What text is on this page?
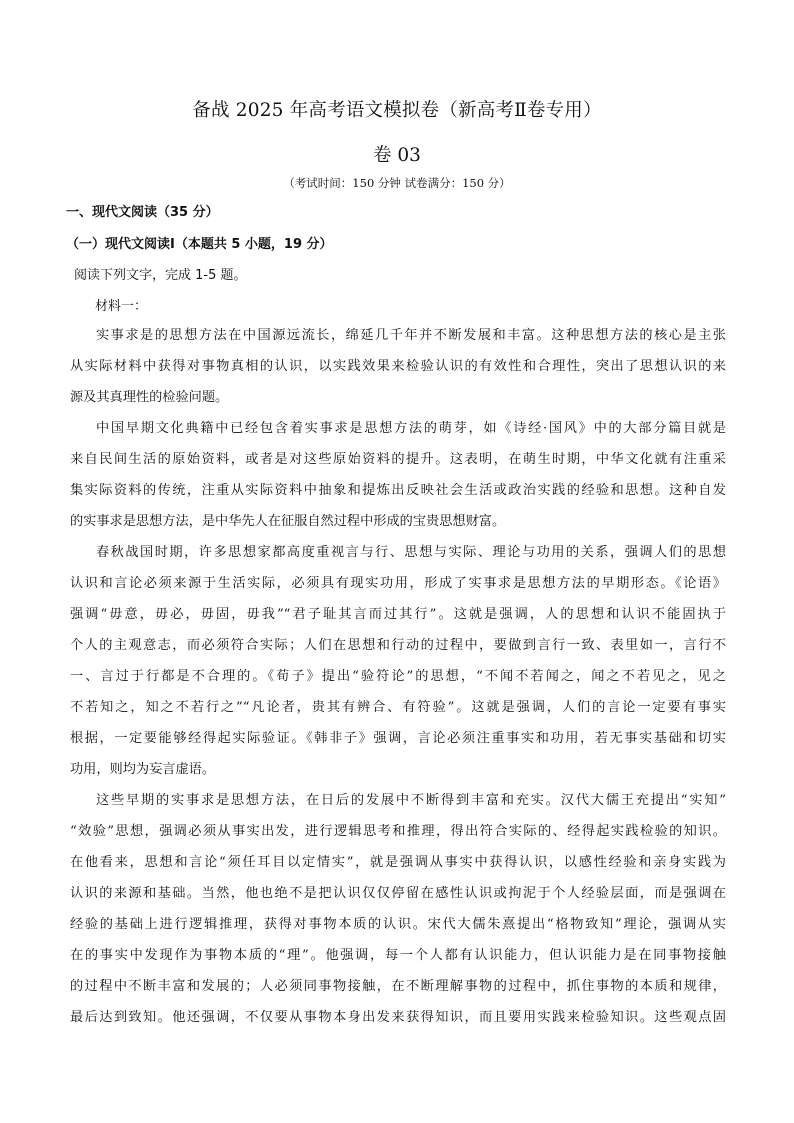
备战 2025 年高考语文模拟卷（新高考Ⅱ卷专用）
卷 03
（考试时间：150 分钟 试卷满分：150 分）
一、现代文阅读（35 分）
（一）现代文阅读Ⅰ（本题共 5 小题，19 分）
阅读下列文字，完成 1-5 题。
材料一：
实事求是的思想方法在中国源远流长，绵延几千年并不断发展和丰富。这种思想方法的核心是主张
从实际材料中获得对事物真相的认识，以实践效果来检验认识的有效性和合理性，突出了思想认识的来
源及其真理性的检验问题。
中国早期文化典籍中已经包含着实事求是思想方法的萌芽，如《诗经·国风》中的大部分篇目就是
来自民间生活的原始资料，或者是对这些原始资料的提升。这表明，在萌生时期，中华文化就有注重采
集实际资料的传统，注重从实际资料中抽象和提炼出反映社会生活或政治实践的经验和思想。这种自发
的实事求是思想方法，是中华先人在征服自然过程中形成的宝贵思想财富。
春秋战国时期，许多思想家都高度重视言与行、思想与实际、理论与功用的关系，强调人们的思想
认识和言论必须来源于生活实际，必须具有现实功用，形成了实事求是思想方法的早期形态。《论语》
强调“毋意，毋必，毋固，毋我”“君子耻其言而过其行”。这就是强调，人的思想和认识不能固执于
个人的主观意志，而必须符合实际；人们在思想和行动的过程中，要做到言行一致、表里如一，言行不
一、言过于行都是不合理的。《荀子》提出“验符论”的思想，“不闻不若闻之，闻之不若见之，见之
不若知之，知之不若行之”“凡论者，贵其有辨合、有符验”。这就是强调，人们的言论一定要有事实
根据，一定要能够经得起实际验证。《韩非子》强调，言论必须注重事实和功用，若无事实基础和切实
功用，则均为妄言虚语。
这些早期的实事求是思想方法，在日后的发展中不断得到丰富和充实。汉代大儒王充提出“实知”
“效验”思想，强调必须从事实出发，进行逻辑思考和推理，得出符合实际的、经得起实践检验的知识。
在他看来，思想和言论“须任耳目以定情实”，就是强调从事实中获得认识，以感性经验和亲身实践为
认识的来源和基础。当然，他也绝不是把认识仅仅停留在感性认识或拘泥于个人经验层面，而是强调在
经验的基础上进行逻辑推理，获得对事物本质的认识。宋代大儒朱熹提出“格物致知”理论，强调从实
在的事实中发现作为事物本质的“理”。他强调，每一个人都有认识能力，但认识能力是在同事物接触
的过程中不断丰富和发展的；人必须同事物接触，在不断理解事物的过程中，抓住事物的本质和规律，
最后达到致知。他还强调，不仅要从事物本身出发来获得知识，而且要用实践来检验知识。这些观点固
